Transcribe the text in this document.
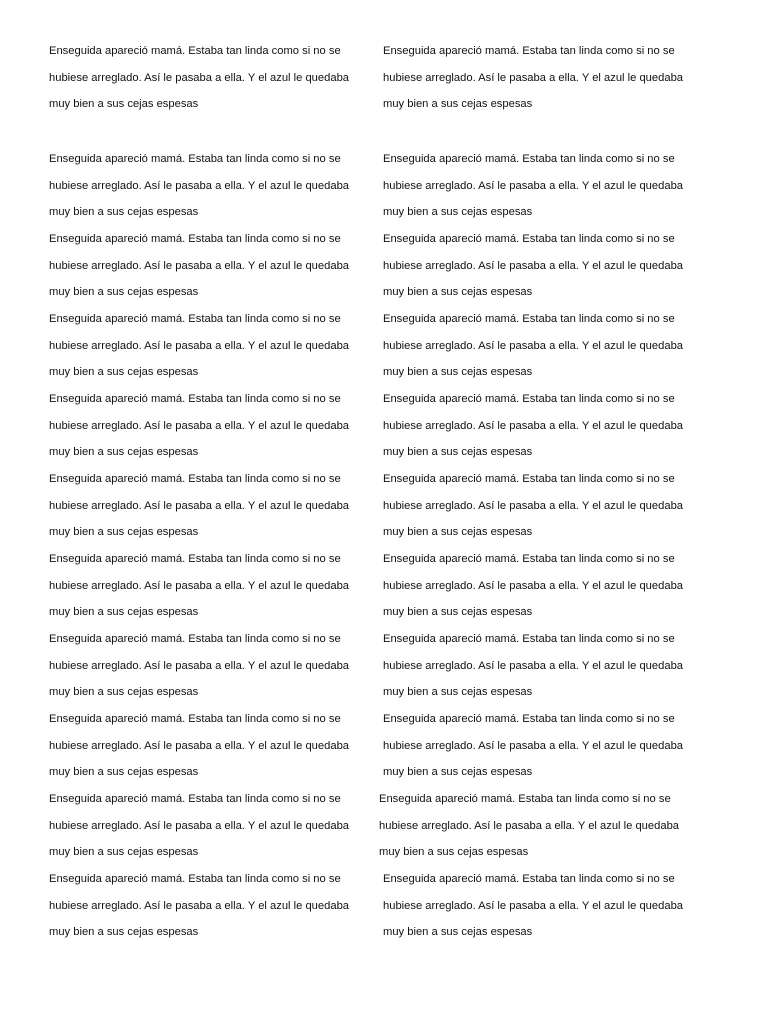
Enseguida apareció mamá. Estaba tan linda como si no se
hubiese arreglado. Así le pasaba a ella. Y el azul le quedaba
muy bien a sus cejas espesas
Enseguida apareció mamá. Estaba tan linda como si no se
hubiese arreglado. Así le pasaba a ella. Y el azul le quedaba
muy bien a sus cejas espesas
Enseguida apareció mamá. Estaba tan linda como si no se
hubiese arreglado. Así le pasaba a ella. Y el azul le quedaba
muy bien a sus cejas espesas
Enseguida apareció mamá. Estaba tan linda como si no se
hubiese arreglado. Así le pasaba a ella. Y el azul le quedaba
muy bien a sus cejas espesas
Enseguida apareció mamá. Estaba tan linda como si no se
hubiese arreglado. Así le pasaba a ella. Y el azul le quedaba
muy bien a sus cejas espesas
Enseguida apareció mamá. Estaba tan linda como si no se
hubiese arreglado. Así le pasaba a ella. Y el azul le quedaba
muy bien a sus cejas espesas
Enseguida apareció mamá. Estaba tan linda como si no se
hubiese arreglado. Así le pasaba a ella. Y el azul le quedaba
muy bien a sus cejas espesas
Enseguida apareció mamá. Estaba tan linda como si no se
hubiese arreglado. Así le pasaba a ella. Y el azul le quedaba
muy bien a sus cejas espesas
Enseguida apareció mamá. Estaba tan linda como si no se
hubiese arreglado. Así le pasaba a ella. Y el azul le quedaba
muy bien a sus cejas espesas
Enseguida apareció mamá. Estaba tan linda como si no se
hubiese arreglado. Así le pasaba a ella. Y el azul le quedaba
muy bien a sus cejas espesas
Enseguida apareció mamá. Estaba tan linda como si no se
hubiese arreglado. Así le pasaba a ella. Y el azul le quedaba
muy bien a sus cejas espesas
Enseguida apareció mamá. Estaba tan linda como si no se
hubiese arreglado. Así le pasaba a ella. Y el azul le quedaba
muy bien a sus cejas espesas
Enseguida apareció mamá. Estaba tan linda como si no se
hubiese arreglado. Así le pasaba a ella. Y el azul le quedaba
muy bien a sus cejas espesas
Enseguida apareció mamá. Estaba tan linda como si no se
hubiese arreglado. Así le pasaba a ella. Y el azul le quedaba
muy bien a sus cejas espesas
Enseguida apareció mamá. Estaba tan linda como si no se
hubiese arreglado. Así le pasaba a ella. Y el azul le quedaba
muy bien a sus cejas espesas
Enseguida apareció mamá. Estaba tan linda como si no se
hubiese arreglado. Así le pasaba a ella. Y el azul le quedaba
muy bien a sus cejas espesas
Enseguida apareció mamá. Estaba tan linda como si no se
hubiese arreglado. Así le pasaba a ella. Y el azul le quedaba
muy bien a sus cejas espesas
Enseguida apareció mamá. Estaba tan linda como si no se
hubiese arreglado. Así le pasaba a ella. Y el azul le quedaba
muy bien a sus cejas espesas
Enseguida apareció mamá. Estaba tan linda como si no se
hubiese arreglado. Así le pasaba a ella. Y el azul le quedaba
muy bien a sus cejas espesas
Enseguida apareció mamá. Estaba tan linda como si no se
hubiese arreglado. Así le pasaba a ella. Y el azul le quedaba
muy bien a sus cejas espesas
Enseguida apareció mamá. Estaba tan linda como si no se
hubiese arreglado. Así le pasaba a ella. Y el azul le quedaba
muy bien a sus cejas espesas
Enseguida apareció mamá. Estaba tan linda como si no se
hubiese arreglado. Así le pasaba a ella. Y el azul le quedaba
muy bien a sus cejas espesas
